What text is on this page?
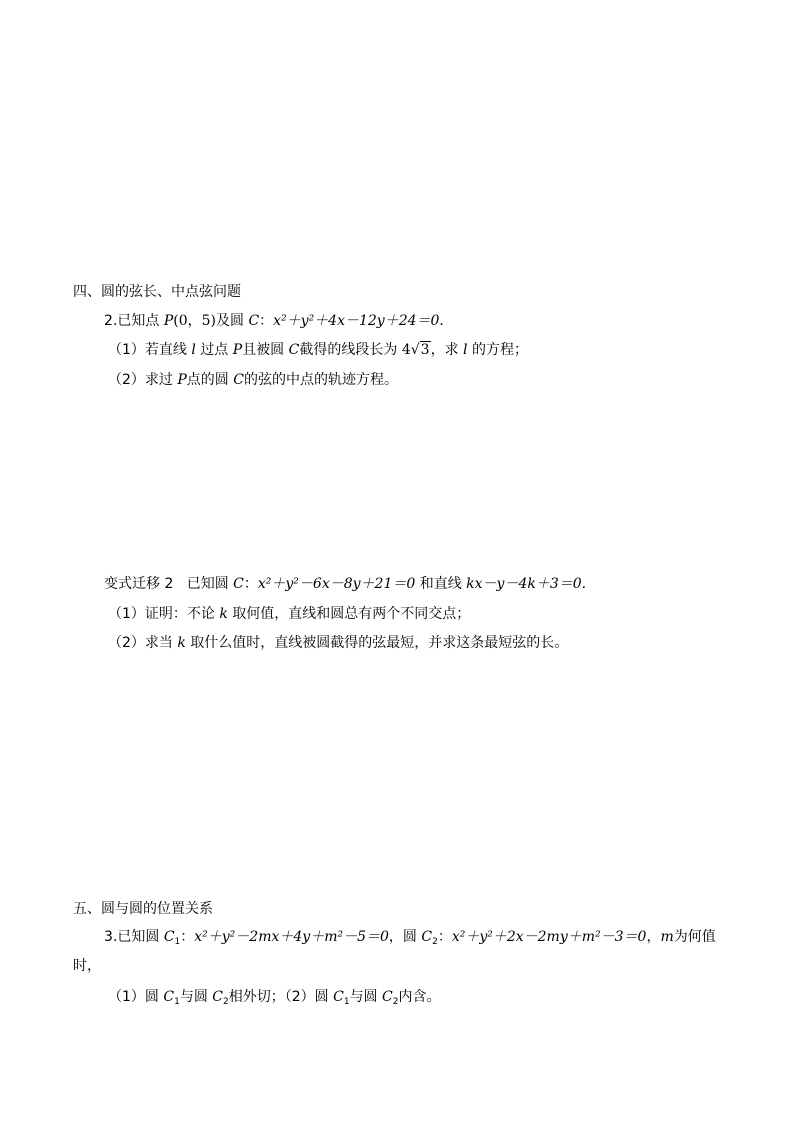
四、圆的弦长、中点弦问题
2.已知点 P(0，5)及圆 C：x²＋y²＋4x－12y＋24＝0.
（1）若直线 l 过点 P且被圆 C截得的线段长为 4√3，求 l 的方程；
（2）求过 P点的圆 C的弦的中点的轨迹方程。
变式迁移 2 已知圆 C：x²＋y²－6x－8y＋21＝0 和直线 kx－y－4k＋3＝0.
（1）证明：不论 k 取何值，直线和圆总有两个不同交点；
（2）求当 k 取什么值时，直线被圆截得的弦最短，并求这条最短弦的长。
五、圆与圆的位置关系
3.已知圆 $C_1$：x²＋y²－2mx＋4y＋m²－5＝0，圆 $C_2$：x²＋y²＋2x－2my＋m²－3＝0，m为何值
时，
（1）圆 $C_1$与圆 $C_2$相外切；（2）圆 $C_1$与圆 $C_2$内含。
